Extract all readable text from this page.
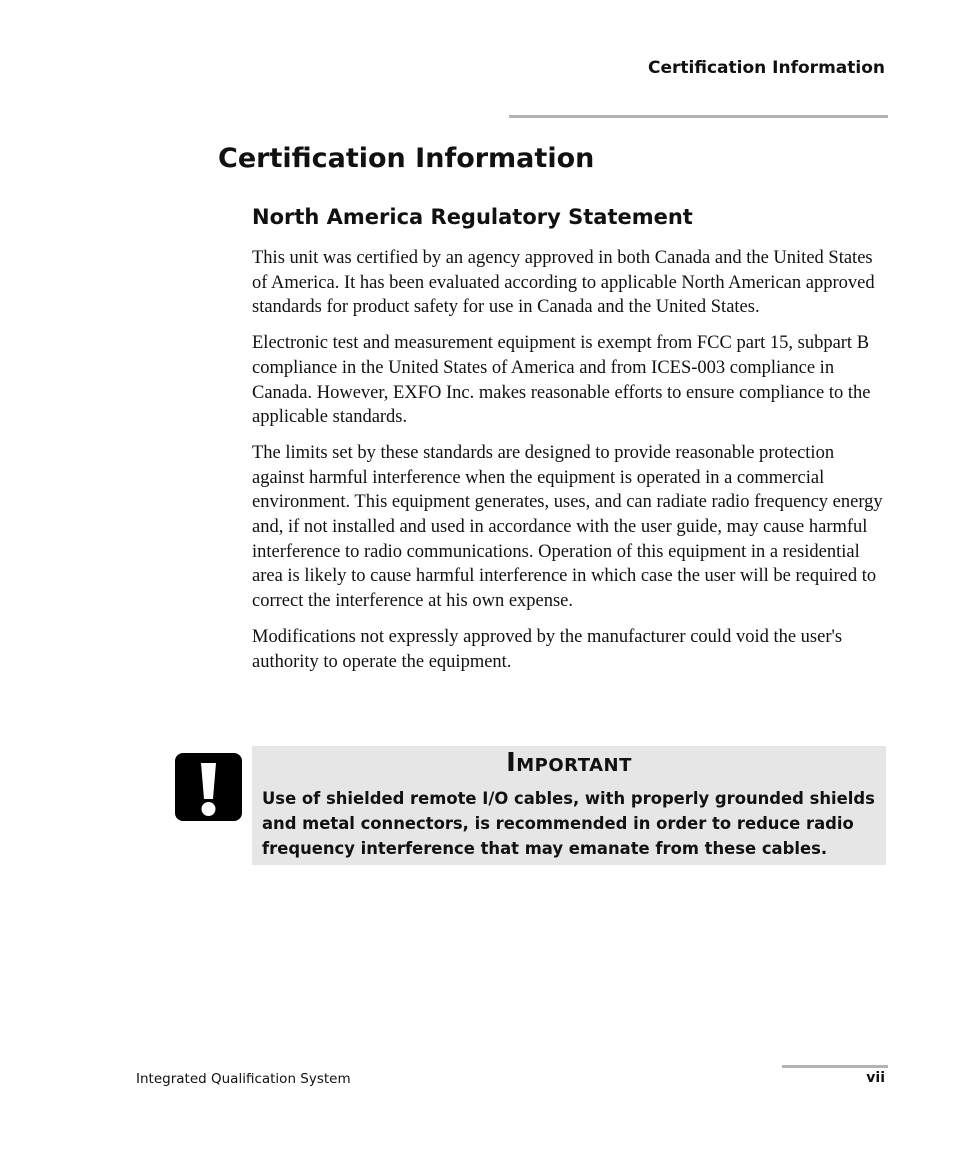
Certification Information
Certification Information
North America Regulatory Statement

This unit was certified by an agency approved in both Canada and the United States of America. It has been evaluated according to applicable North American approved standards for product safety for use in Canada and the United States.

Electronic test and measurement equipment is exempt from FCC part 15, subpart B compliance in the United States of America and from ICES-003 compliance in Canada. However, EXFO Inc. makes reasonable efforts to ensure compliance to the applicable standards.

The limits set by these standards are designed to provide reasonable protection against harmful interference when the equipment is operated in a commercial environment. This equipment generates, uses, and can radiate radio frequency energy and, if not installed and used in accordance with the user guide, may cause harmful interference to radio communications. Operation of this equipment in a residential area is likely to cause harmful interference in which case the user will be required to correct the interference at his own expense.

Modifications not expressly approved by the manufacturer could void the user's authority to operate the equipment.

Important

Use of shielded remote I/O cables, with properly grounded shields and metal connectors, is recommended in order to reduce radio frequency interference that may emanate from these cables.

Integrated Qualification System	vii
